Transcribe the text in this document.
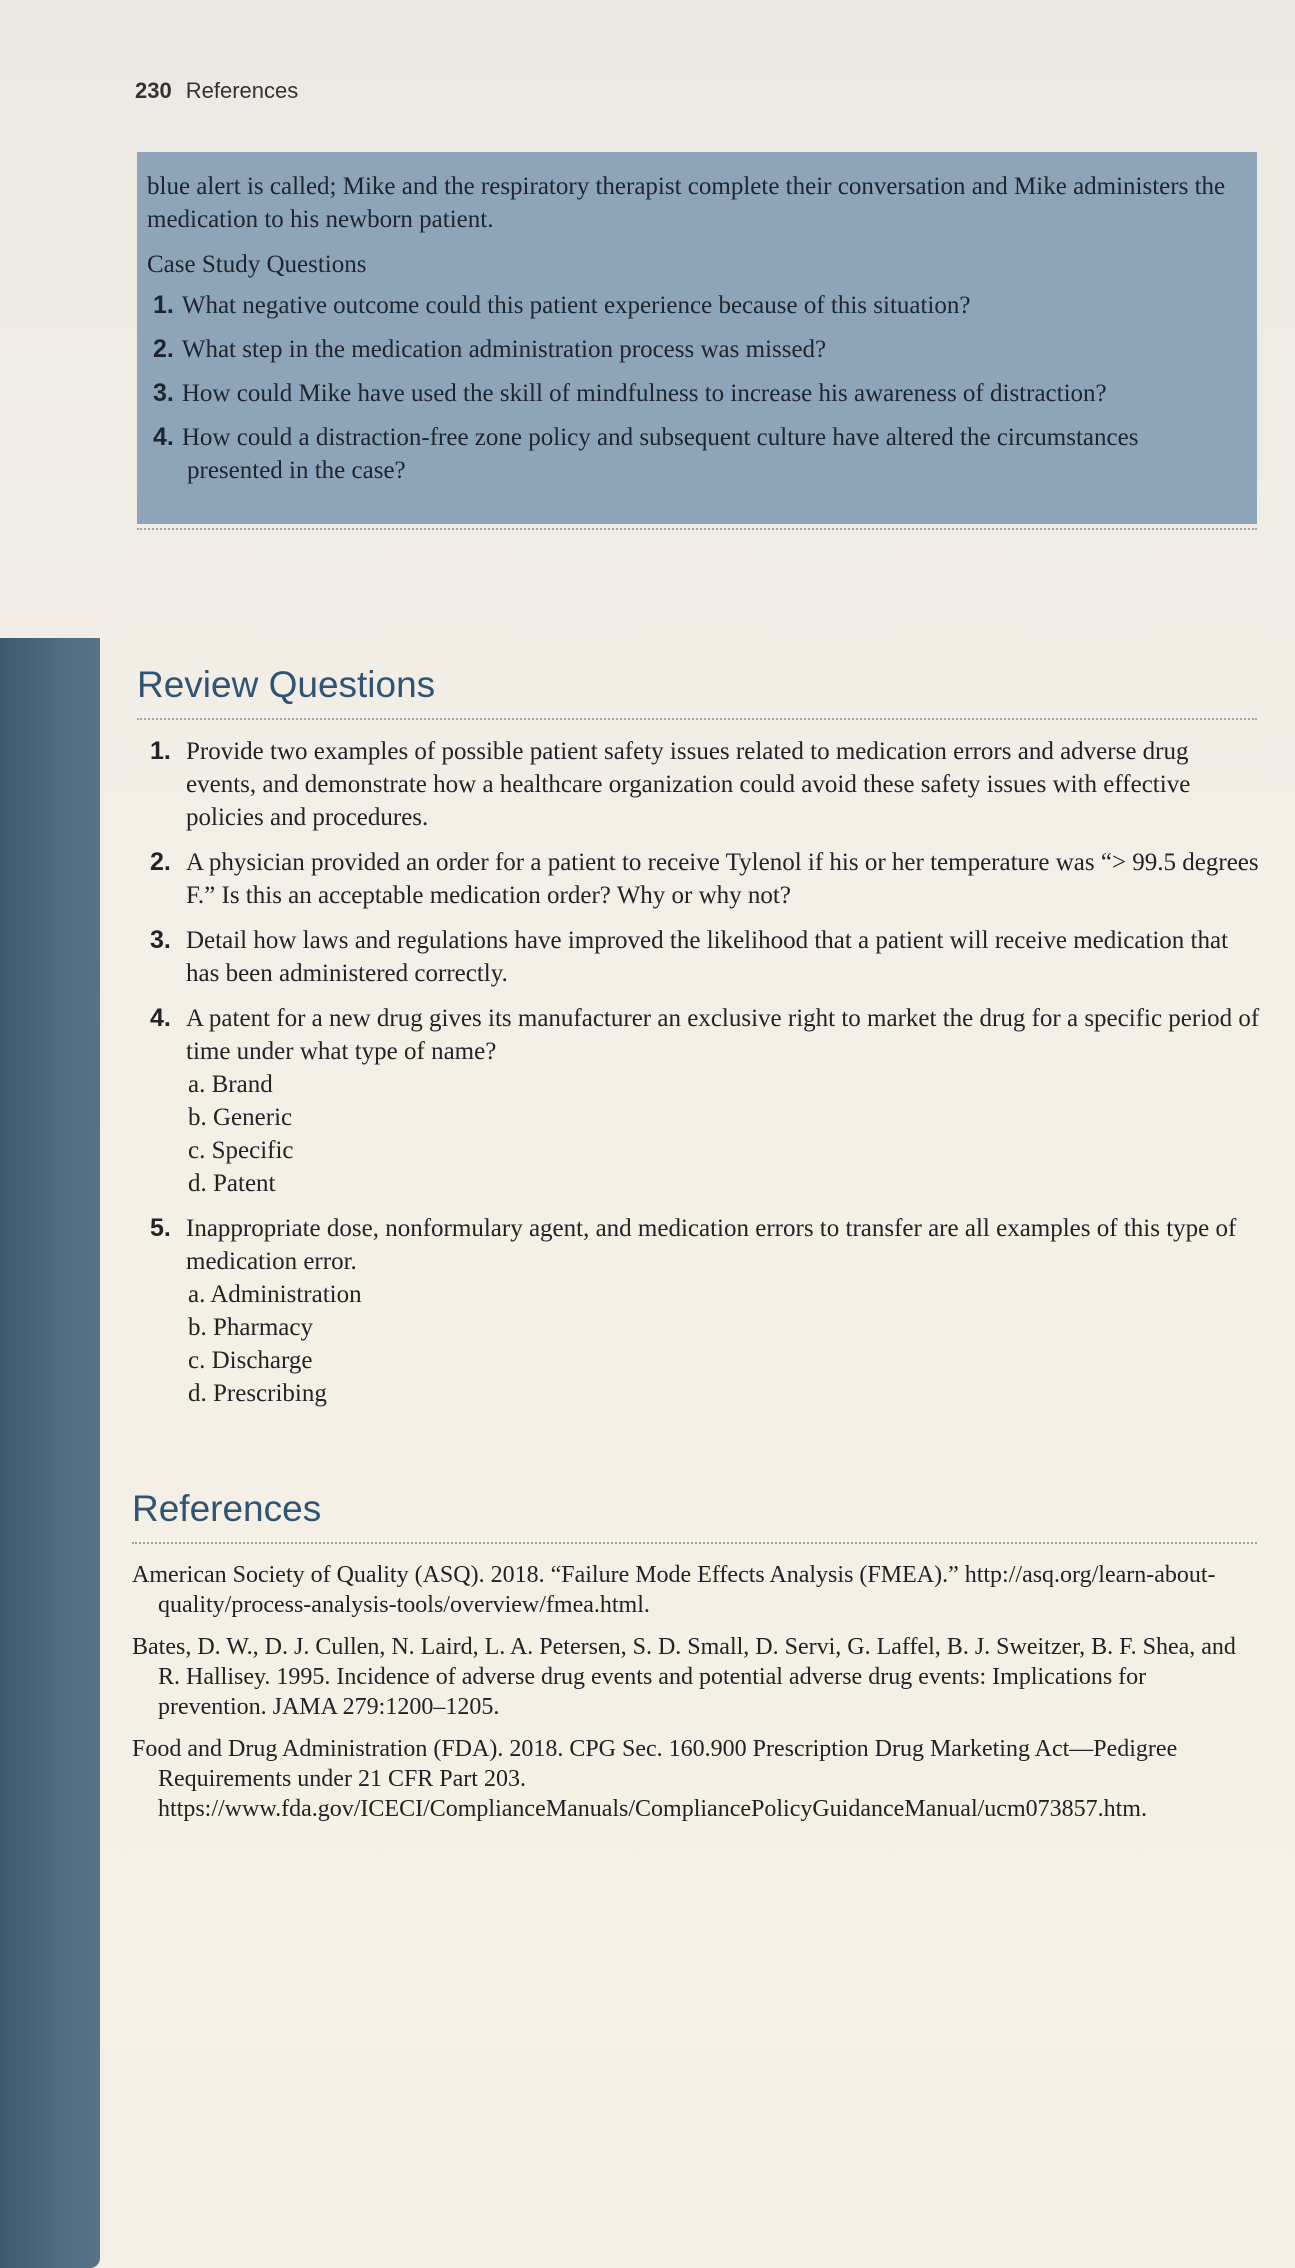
230 References

blue alert is called; Mike and the respiratory therapist complete their conversation and Mike administers the medication to his newborn patient.

Case Study Questions

1. What negative outcome could this patient experience because of this situation?
2. What step in the medication administration process was missed?
3. How could Mike have used the skill of mindfulness to increase his awareness of distraction?
4. How could a distraction-free zone policy and subsequent culture have altered the circumstances presented in the case?
Review Questions
1. Provide two examples of possible patient safety issues related to medication errors and adverse drug events, and demonstrate how a healthcare organization could avoid these safety issues with effective policies and procedures.
2. A physician provided an order for a patient to receive Tylenol if his or her temperature was “> 99.5 degrees F.” Is this an acceptable medication order? Why or why not?
3. Detail how laws and regulations have improved the likelihood that a patient will receive medication that has been administered correctly.
4. A patent for a new drug gives its manufacturer an exclusive right to market the drug for a specific period of time under what type of name?
a. Brand
b. Generic
c. Specific
d. Patent
5. Inappropriate dose, nonformulary agent, and medication errors to transfer are all examples of this type of medication error.
a. Administration
b. Pharmacy
c. Discharge
d. Prescribing
References

American Society of Quality (ASQ). 2018. “Failure Mode Effects Analysis (FMEA).” http://asq.org/learn-about-quality/process-analysis-tools/overview/fmea.html.

Bates, D. W., D. J. Cullen, N. Laird, L. A. Petersen, S. D. Small, D. Servi, G. Laffel, B. J. Sweitzer, B. F. Shea, and R. Hallisey. 1995. Incidence of adverse drug events and potential adverse drug events: Implications for prevention. JAMA 279:1200–1205.

Food and Drug Administration (FDA). 2018. CPG Sec. 160.900 Prescription Drug Marketing Act—Pedigree Requirements under 21 CFR Part 203. https://www.fda.gov/ICECI/ComplianceManuals/CompliancePolicyGuidanceManual/ucm073857.htm.
